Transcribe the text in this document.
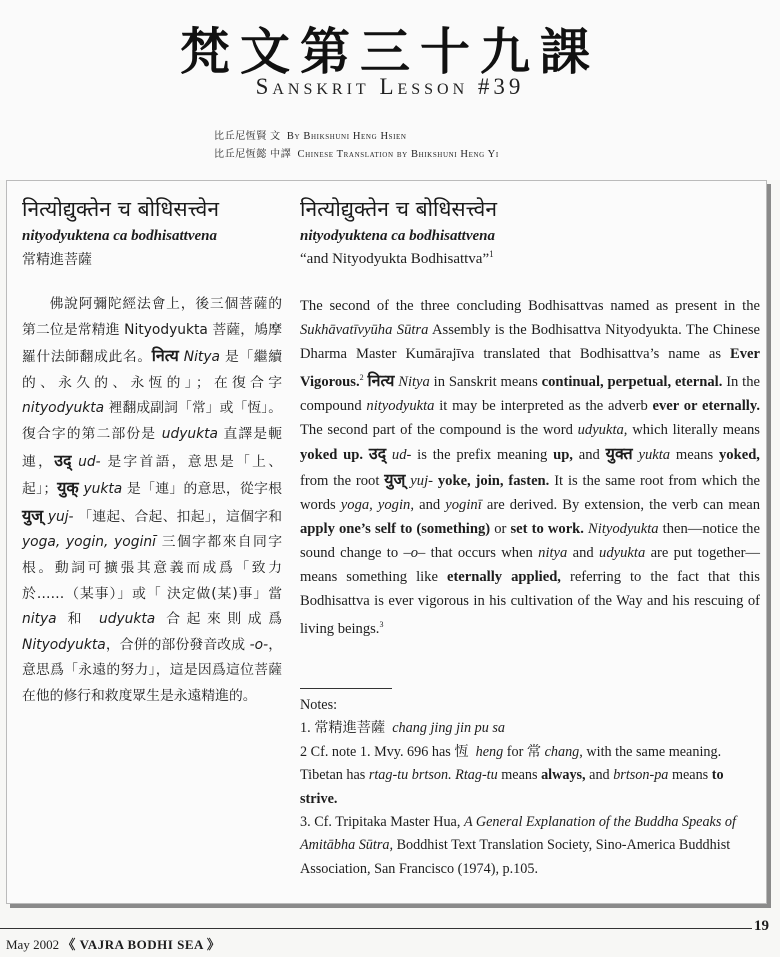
梵文第三十九課
Sanskrit Lesson #39
比丘尼恆賢 文 By Bhikshuni Heng Hsien
比丘尼恆懿 中譯 Chinese Translation by Bhikshuni Heng Yi
नित्योद्युक्तेन च बोधिसत्त्वेन
nityodyuktena ca bodhisattvena
常精進菩薩
नित्योद्युक्तेन च बोधिसत्त्वेन
nityodyuktena ca bodhisattvena
“and Nityodyukta Bodhisattva”$^1$
佛說阿彌陀經法會上，後三個菩薩的第二位是常精進 Nityodyukta 菩薩，鳩摩羅什法師翻成此名。नित्य Nitya 是「繼續的、永久的、永恆的」；在復合字 nityodyukta 裡翻成副詞「常」或「恆」。復合字的第二部份是 udyukta 直譯是軛連，उद् ud- 是字首語，意思是「上、起」；युक् yukta 是「連」的意思，從字根 युज् yuj- 「連起、合起、扣起」，這個字和 yoga, yogin, yoginī 三個字都來自同字根。動詞可擴張其意義而成爲「致力於……（某事）」或「 決定做(某)事」當 nitya 和 udyukta 合起來則成爲 Nityodyukta，合併的部份發音改成 -o-，意思爲「永遠的努力」，這是因爲這位菩薩在他的修行和救度眾生是永遠精進的。
The second of the three concluding Bodhisattvas named as present in the Sukhāvatīvyūha Sūtra Assembly is the Bodhisattva Nityodyukta. The Chinese Dharma Master Kumārajīva translated that Bodhisattva’s name as Ever Vigorous.$^2$ नित्य Nitya in Sanskrit means continual, perpetual, eternal. In the compound nityodyukta it may be interpreted as the adverb ever or eternally. The second part of the compound is the word udyukta, which literally means yoked up. उद् ud- is the prefix meaning up, and युक्त yukta means yoked, from the root युज् yuj- yoke, join, fasten. It is the same root from which the words yoga, yogin, and yoginī are derived. By extension, the verb can mean apply one’s self to (something) or set to work. Nityodyukta then—notice the sound change to –o– that occurs when nitya and udyukta are put together—means something like eternally applied, referring to the fact that this Bodhisattva is ever vigorous in his cultivation of the Way and his rescuing of living beings.$^3$

Notes:

1. 常精進菩薩 chang jing jin pu sa

2 Cf. note 1. Mvy. 696 has 恆 heng for 常 chang, with the same meaning. Tibetan has rtag-tu brtson. Rtag-tu means always, and brtson-pa means to strive.

3. Cf. Tripitaka Master Hua, A General Explanation of the Buddha Speaks of Amitābha Sūtra, Boddhist Text Translation Society, Sino-America Buddhist Association, San Francisco (1974), p.105.

May 2002 《 VAJRA BODHI SEA 》
19
